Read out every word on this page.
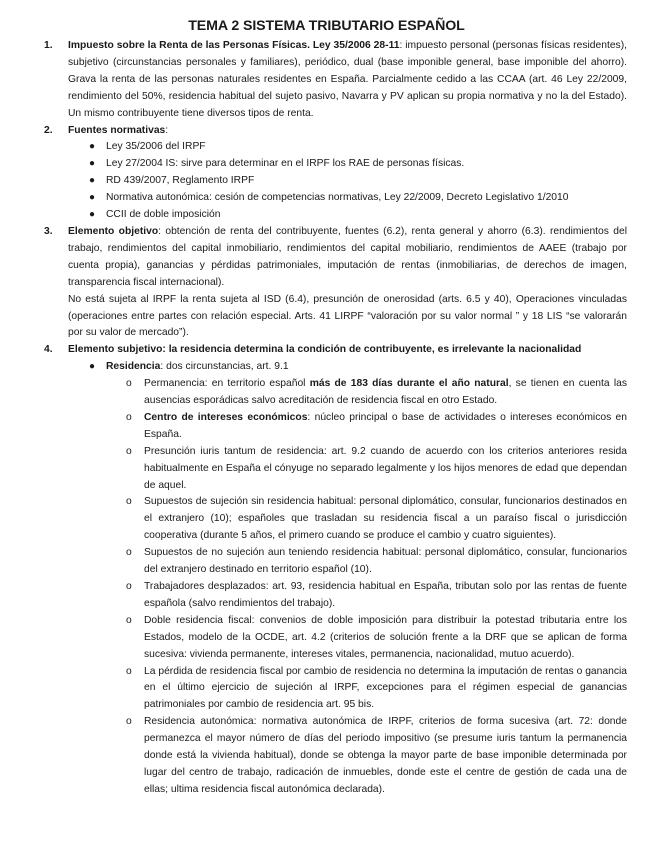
TEMA 2 SISTEMA TRIBUTARIO ESPAÑOL
1. Impuesto sobre la Renta de las Personas Físicas. Ley 35/2006 28-11: impuesto personal (personas físicas residentes), subjetivo (circunstancias personales y familiares), periódico, dual (base imponible general, base imponible del ahorro). Grava la renta de las personas naturales residentes en España. Parcialmente cedido a las CCAA (art. 46 Ley 22/2009, rendimiento del 50%, residencia habitual del sujeto pasivo, Navarra y PV aplican su propia normativa y no la del Estado). Un mismo contribuyente tiene diversos tipos de renta.

2. Fuentes normativas:

● Ley 35/2006 del IRPF
● Ley 27/2004 IS: sirve para determinar en el IRPF los RAE de personas físicas.
● RD 439/2007, Reglamento IRPF
● Normativa autonómica: cesión de competencias normativas, Ley 22/2009, Decreto Legislativo 1/2010
● CCII de doble imposición
3. Elemento objetivo: obtención de renta del contribuyente, fuentes (6.2), renta general y ahorro (6.3). rendimientos del trabajo, rendimientos del capital inmobiliario, rendimientos del capital mobiliario, rendimientos de AAEE (trabajo por cuenta propia), ganancias y pérdidas patrimoniales, imputación de rentas (inmobiliarias, de derechos de imagen, transparencia fiscal internacional).

No está sujeta al IRPF la renta sujeta al ISD (6.4), presunción de onerosidad (arts. 6.5 y 40), Operaciones vinculadas (operaciones entre partes con relación especial. Arts. 41 LIRPF “valoración por su valor normal ” y 18 LIS “se valorarán por su valor de mercado”).

4. Elemento subjetivo: la residencia determina la condición de contribuyente, es irrelevante la nacionalidad

● Residencia: dos circunstancias, art. 9.1

o Permanencia: en territorio español más de 183 días durante el año natural, se tienen en cuenta las ausencias esporádicas salvo acreditación de residencia fiscal en otro Estado.
o Centro de intereses económicos: núcleo principal o base de actividades o intereses económicos en España.
o Presunción iuris tantum de residencia: art. 9.2 cuando de acuerdo con los criterios anteriores resida habitualmente en España el cónyuge no separado legalmente y los hijos menores de edad que dependan de aquel.
o Supuestos de sujeción sin residencia habitual: personal diplomático, consular, funcionarios destinados en el extranjero (10); españoles que trasladan su residencia fiscal a un paraíso fiscal o jurisdicción cooperativa (durante 5 años, el primero cuando se produce el cambio y cuatro siguientes).
o Supuestos de no sujeción aun teniendo residencia habitual: personal diplomático, consular, funcionarios del extranjero destinado en territorio español (10).
o Trabajadores desplazados: art. 93, residencia habitual en España, tributan solo por las rentas de fuente española (salvo rendimientos del trabajo).
o Doble residencia fiscal: convenios de doble imposición para distribuir la potestad tributaria entre los Estados, modelo de la OCDE, art. 4.2 (criterios de solución frente a la DRF que se aplican de forma sucesiva: vivienda permanente, intereses vitales, permanencia, nacionalidad, mutuo acuerdo).
o La pérdida de residencia fiscal por cambio de residencia no determina la imputación de rentas o ganancia en el último ejercicio de sujeción al IRPF, excepciones para el régimen especial de ganancias patrimoniales por cambio de residencia art. 95 bis.
o Residencia autonómica: normativa autonómica de IRPF, criterios de forma sucesiva (art. 72: donde permanezca el mayor número de días del periodo impositivo (se presume iuris tantum la permanencia donde está la vivienda habitual), donde se obtenga la mayor parte de base imponible determinada por lugar del centro de trabajo, radicación de inmuebles, donde este el centre de gestión de cada una de ellas; ultima residencia fiscal autonómica declarada).
